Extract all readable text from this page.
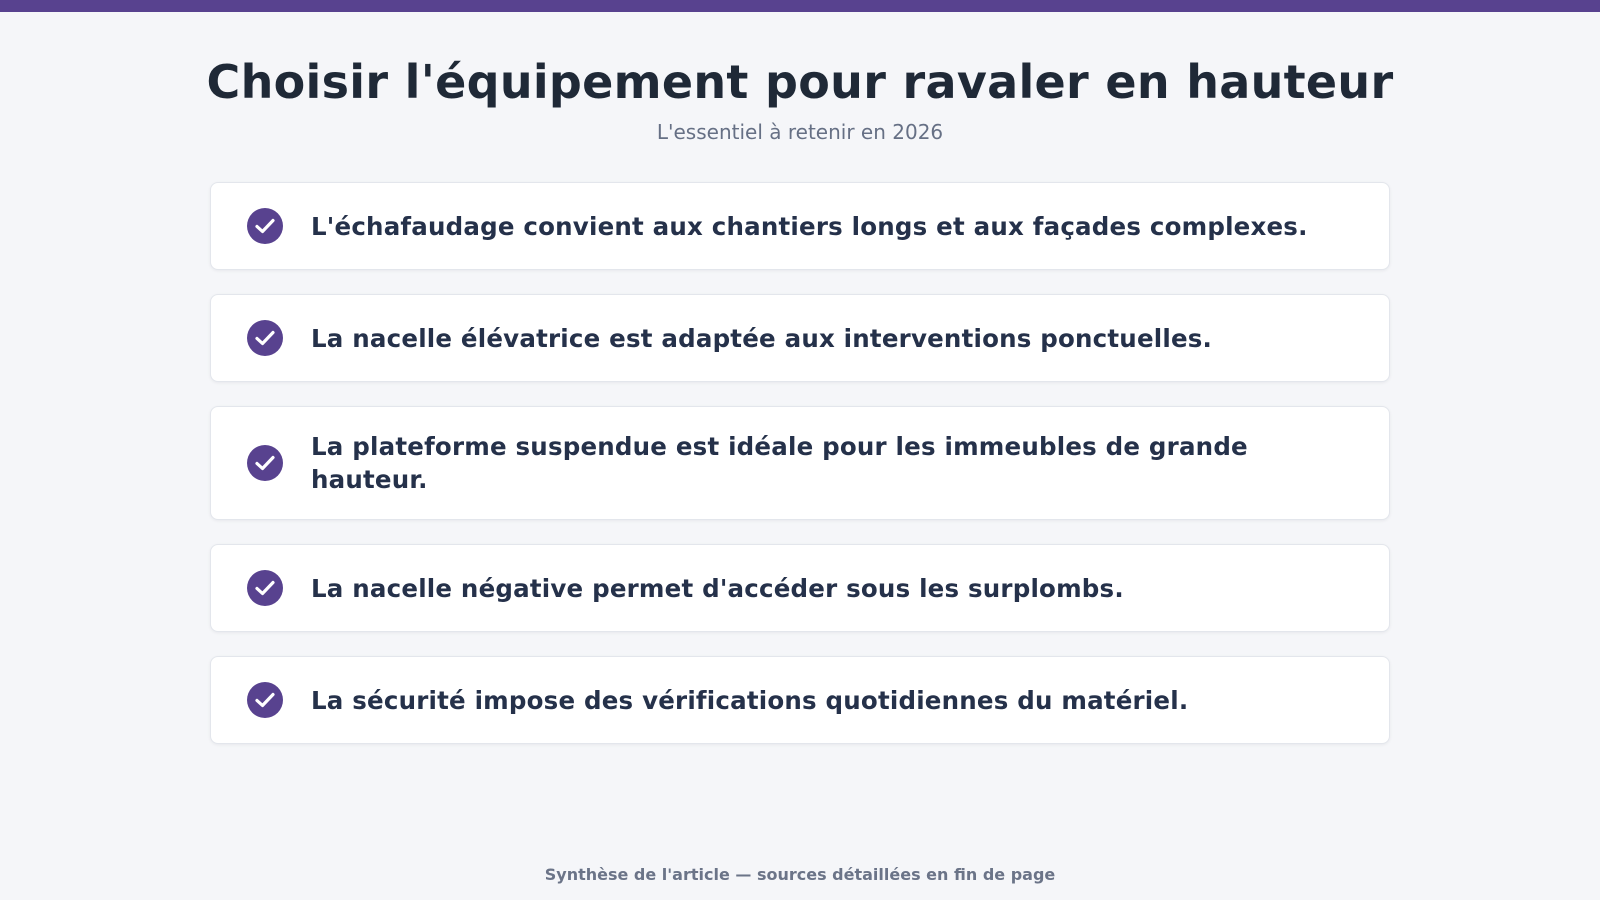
Choisir l'équipement pour ravaler en hauteur
L'essentiel à retenir en 2026
L'échafaudage convient aux chantiers longs et aux façades complexes.
La nacelle élévatrice est adaptée aux interventions ponctuelles.
La plateforme suspendue est idéale pour les immeubles de grande hauteur.
La nacelle négative permet d'accéder sous les surplombs.
La sécurité impose des vérifications quotidiennes du matériel.
Synthèse de l'article — sources détaillées en fin de page
